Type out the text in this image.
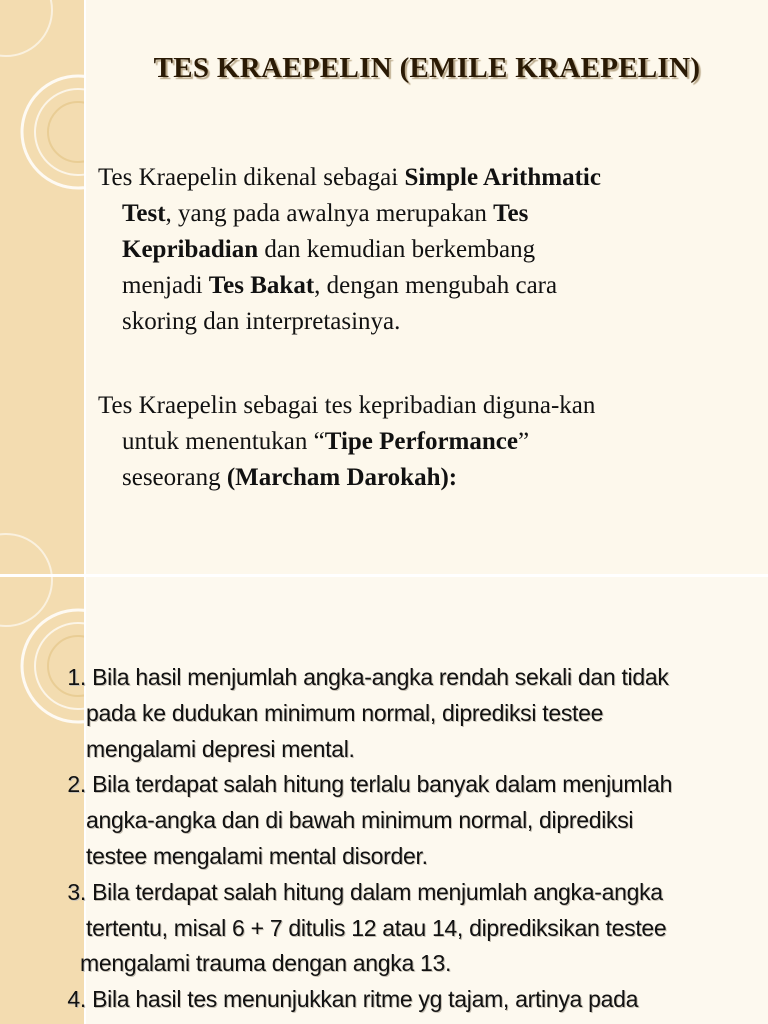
TES KRAEPELIN (EMILE KRAEPELIN)
Tes Kraepelin dikenal sebagai Simple Arithmatic
Test, yang pada awalnya merupakan Tes
Kepribadian dan kemudian berkembang
menjadi Tes Bakat, dengan mengubah cara
skoring dan interpretasinya.
Tes Kraepelin sebagai tes kepribadian diguna-kan
untuk menentukan “Tipe Performance”
seseorang (Marcham Darokah):
1. Bila hasil menjumlah angka-angka rendah sekali dan tidak
pada ke dudukan minimum normal, diprediksi testee
mengalami depresi mental.
2. Bila terdapat salah hitung terlalu banyak dalam menjumlah
angka-angka dan di bawah minimum normal, diprediksi
testee mengalami mental disorder.
3. Bila terdapat salah hitung dalam menjumlah angka-angka
tertentu, misal 6 + 7 ditulis 12 atau 14, diprediksikan testee
mengalami trauma dengan angka 13.
4. Bila hasil tes menunjukkan ritme yg tajam, artinya pada
